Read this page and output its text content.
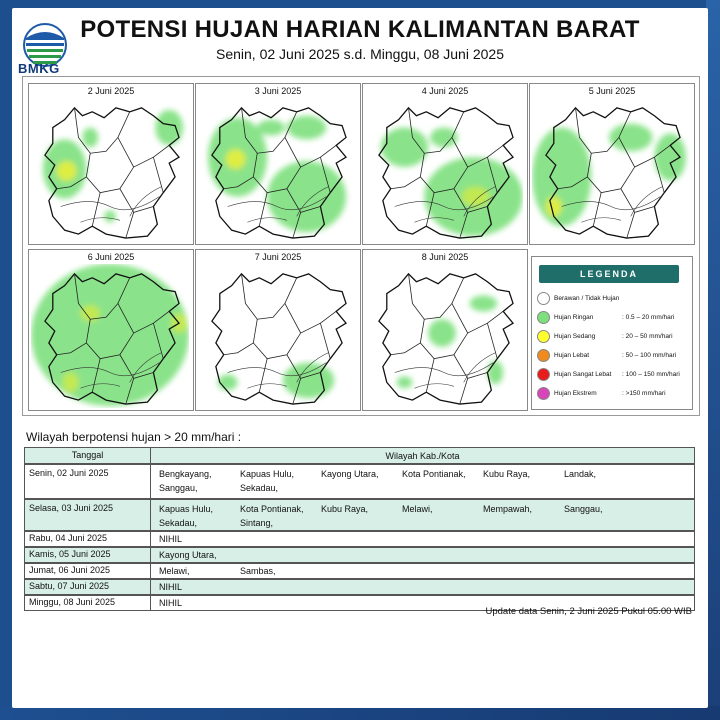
BMKG
POTENSI HUJAN HARIAN KALIMANTAN BARAT
Senin, 02 Juni 2025 s.d. Minggu, 08 Juni 2025
2 Juni 2025	3 Juni 2025	4 Juni 2025	5 Juni 2025
6 Juni 2025	7 Juni 2025	8 Juni 2025
LEGENDA
Berawan / Tidak Hujan
Hujan Ringan	: 0.5 – 20 mm/hari
Hujan Sedang	: 20 – 50 mm/hari
Hujan Lebat	: 50 – 100 mm/hari
Hujan Sangat Lebat : 100 – 150 mm/hari
Hujan Ekstrem	: >150 mm/hari
Wilayah berpotensi hujan > 20 mm/hari :
Tanggal	Wilayah Kab./Kota
Senin, 02 Juni 2025	Bengkayang,	Kapuas Hulu,	Kayong Utara,	Kota Pontianak, Kubu Raya,	Landak,Sanggau,	Sekadau,
Selasa, 03 Juni 2025	Kapuas Hulu,	Kota Pontianak, Kubu Raya,	Melawi,	Mempawah,	Sanggau,Sekadau,	Sintang,
Rabu, 04 Juni 2025	NIHIL
Kamis, 05 Juni 2025	Kayong Utara,
Jumat, 06 Juni 2025	Melawi,	Sambas,
Sabtu, 07 Juni 2025	NIHIL
Minggu, 08 Juni 2025	NIHIL
Update data Senin, 2 Juni 2025 Pukul 05.00 WIB
